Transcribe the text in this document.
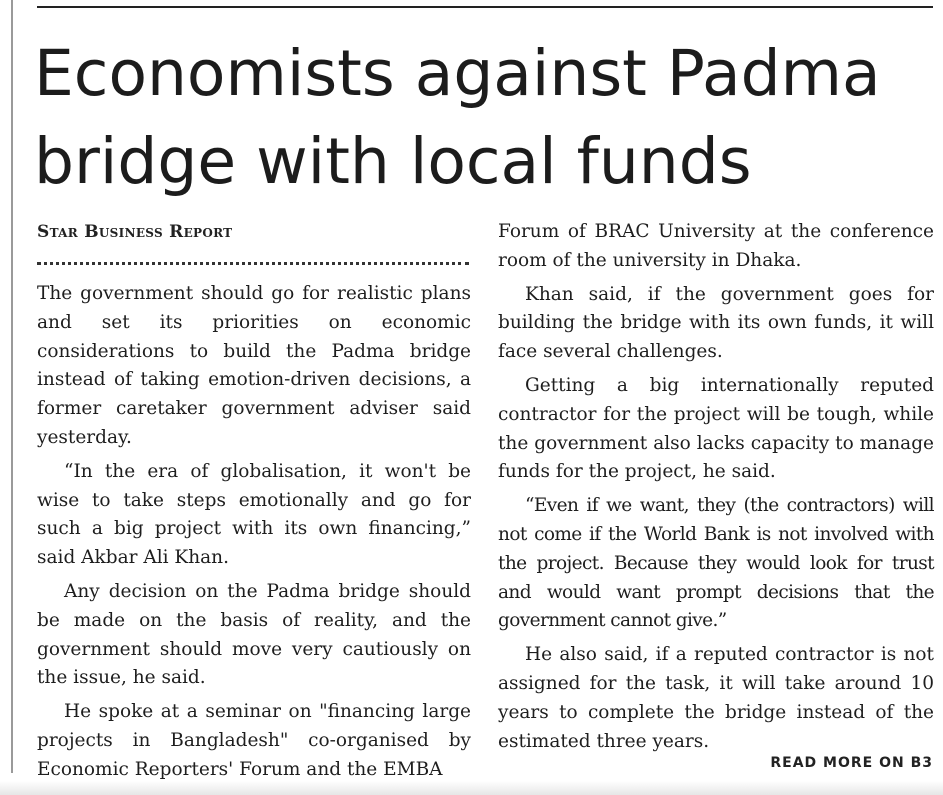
Economists against Padma bridge with local funds
Star Business Report

The government should go for realistic plans and set its priorities on economic considerations to build the Padma bridge instead of taking emotion-driven decisions, a former caretaker government adviser said yesterday.

“In the era of globalisation, it won't be wise to take steps emotionally and go for such a big project with its own financing,” said Akbar Ali Khan.

Any decision on the Padma bridge should be made on the basis of reality, and the government should move very cautiously on the issue, he said.

He spoke at a seminar on "financing large projects in Bangladesh" co-organised by Economic Reporters' Forum and the EMBA

Forum of BRAC University at the conference room of the university in Dhaka.

Khan said, if the government goes for building the bridge with its own funds, it will face several challenges.

Getting a big internationally reputed contractor for the project will be tough, while the government also lacks capacity to manage funds for the project, he said.

“Even if we want, they (the contractors) will not come if the World Bank is not involved with the project. Because they would look for trust and would want prompt decisions that the government cannot give.”

He also said, if a reputed contractor is not assigned for the task, it will take around 10 years to complete the bridge instead of the estimated three years.

READ MORE ON B3
